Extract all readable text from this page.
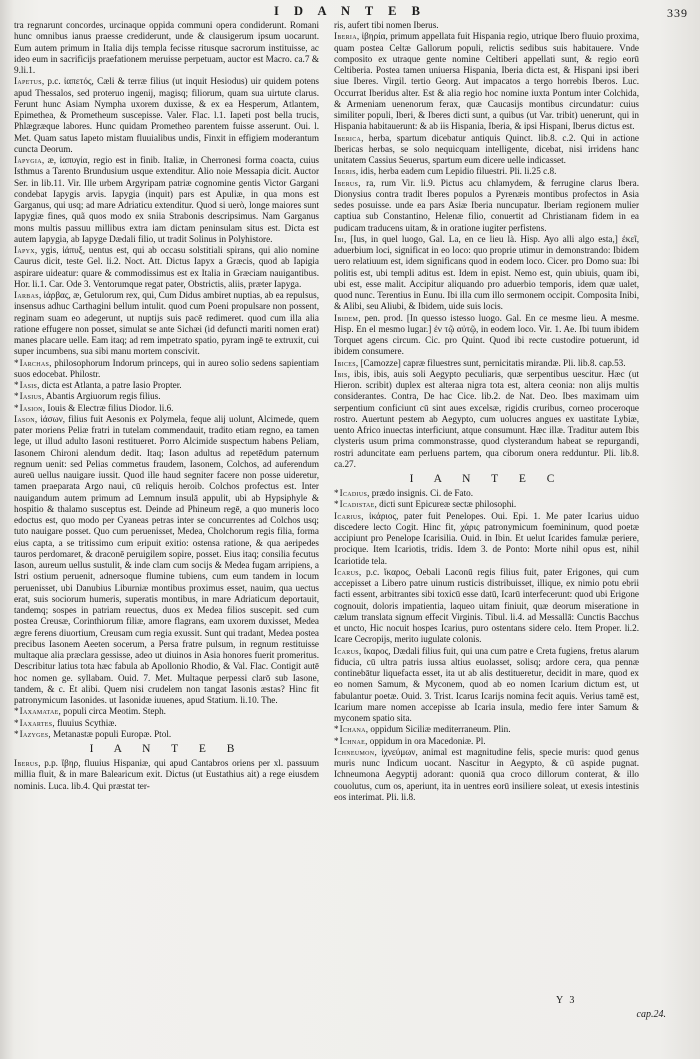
I D A N T E B	339

tra regnarunt concordes, urcinaque oppida communi opera condiderunt. Romani hunc omnibus ianus praesse crediderunt, unde & clausigerum ipsum uocarunt. Eum autem primum in Italia dijs templa fecisse ritusque sacrorum instituisse, ac ideo eum in sacrificijs praefationem meruisse perpetuam, auctor est Macro. ca.7 & 9.li.1.

Iapetus, p.c. ἰαπετός, Cæli & terræ filius (ut inquit Hesiodus) uir quidem potens apud Thessalos, sed proteruo ingenij, magisq; filiorum, quam sua uirtute clarus. Ferunt hunc Asiam Nympha uxorem duxisse, & ex ea Hesperum, Atlantem, Epimethea, & Prometheum suscepisse. Valer. Flac. l.1. Iapeti post bella trucis, Phlægræque labores. Hunc quidam Prometheo parentem fuisse asserunt. Oui. l. Met. Quam satus Iapeto mistam fluuialibus undis, Finxit in effigiem moderantum cuncta Deorum.

Iapygia, æ, ἰαπυγία, regio est in finib. Italiæ, in Cherronesi forma coacta, cuius Isthmus a Tarento Brundusium usque extenditur. Alio noie Messapia dicit. Auctor Ser. in lib.11. Vir. Ille urbem Argyripam patriæ cognomine gentis Victor Gargani condebat Iapygis arvis. Iapygia (inquit) pars est Apuliæ, in qua mons est Garganus, qui usq; ad mare Adriaticu extenditur. Quod si uerò, longe maiores sunt Iapygiæ fines, quã quos modo ex sniia Strabonis descripsimus. Nam Garganus mons multis passuu millibus extra iam dictam peninsulam situs est. Dicta est autem Iapygia, ab Iapyge Dædali filio, ut tradit Solinus in Polyhistore.

Iapyx, ygis, ἰάπυξ, uentus est, qui ab occasu solstitiali spirans, qui alio nomine Caurus dicit, teste Gel. li.2. Noct. Att. Dictus Iapyx a Græcis, quod ab Iapigia aspirare uideatur: quare & commodissimus est ex Italia in Græciam nauigantibus. Hor. li.1. Car. Ode 3. Ventorumque regat pater, Obstrictis, aliis, præter Iapyga.

Iarbas, ἰάρβας, æ, Getulorum rex, qui, Cum Didus ambiret nuptias, ab ea repulsus, insensus adhuc Carthagini bellum intulit. quod cum Poeni propulsare non possent, reginam suam eo adegerunt, ut nuptijs suis pacē redimeret. quod cum illa alia ratione effugere non posset, simulat se ante Sichæi (id defuncti mariti nomen erat) manes placare uelle. Eam itaq; ad rem impetrato spatio, pyram ingē te extruxit, cui super incumbens, sua sibi manu mortem conscivit.

*Iarchas, philosophorum Indorum princeps, qui in aureo solio sedens sapientiam suos edocebat. Philostr.

*Iasis, dicta est Atlanta, a patre Iasio Propter.

*Iasius, Abantis Argiuorum regis filius.

*Iasion, Iouis & Electræ filius Diodor. li.6.

Iason, ἰάσων, filius fuit Aesonis ex Polymela, feque alij uolunt, Alcimede, quem pater moriens Peliæ fratri in tutelam commendauit, tradito etiam regno, ea tamen lege, ut illud adulto Iasoni restitueret. Porro Alcimide suspectum habens Peliam, Iasonem Chironi alendum dedit. Itaq; Iason adultus ad repetēdum paternum regnum uenit: sed Pelias commetus fraudem, Iasonem, Colchos, ad auferendum aureū uellus nauigare iussit. Quod ille haud segniter facere non posse uideretur, tamen praeparata Argo naui, cū reliquis heroib. Colchos profectus est. Inter nauigandum autem primum ad Lemnum insulā appulit, ubi ab Hypsiphyle & hospitio & thalamo susceptus est. Deinde ad Phineum regē, a quo muneris loco edoctus est, quo modo per Cyaneas petras inter se concurrentes ad Colchos usq; tuto nauigare posset. Quo cum peruenisset, Medea, Cholchorum regis filia, forma eius capta, a se tritissimo cum eripuit exitio: ostensa ratione, & qua aeripedes tauros perdomaret, & draconē peruigilem sopire, posset. Eius itaq; consilia fecutus Iason, aureum uellus sustulit, & inde clam cum socijs & Medea fugam arripiens, a Istri ostium peruenit, adnersoque flumine tubiens, cum eum tandem in locum peruenisset, ubi Danubius Liburniæ montibus proximus esset, nauim, qua uectus erat, suis sociorum humeris, superatis montibus, in mare Adriaticum deportauit, tandemq; sospes in patriam reuectus, duos ex Medea filios suscepit. sed cum postea Creusæ, Corinthiorum filiæ, amore flagrans, eam uxorem duxisset, Medea ægre ferens diuortium, Creusam cum regia exussit. Sunt qui tradant, Medea postea precibus Iasonem Aeeten socerum, a Persa fratre pulsum, in regnum restituisse multaque alia præclara gessisse, adeo ut diuinos in Asia honores fuerit promeritus. Describitur latius tota hæc fabula ab Apollonio Rhodio, & Val. Flac. Contigit autē hoc nomen ge. syllabam. Ouid. 7. Met. Multaque perpessi clarō sub Iasone, tandem, & c. Et alibi. Quem nisi crudelem non tangat Iasonis æstas? Hinc fit patronymicum Iasonides. ut Iasonidæ iuuenes, apud Statium. li.10. The.

*Iaxamatae, populi circa Meotim. Steph.

*Iaxartes, fluuius Scythiæ.

*Iazyges, Metanastæ populi Europæ. Ptol.

I A N T E B

Iberus, p.p. ἴβηρ, fluuius Hispaniæ, qui apud Cantabros oriens per xl. passuum millia fluit, & in mare Balearicum exit. Dictus (ut Eustathius ait) a rege eiusdem nominis. Luca. lib.4. Qui præstat ter-

ris, aufert tibi nomen Iberus.

Iberia, ἰβηρία, primum appellata fuit Hispania regio, utrique Ibero fluuio proxima, quam postea Celtæ Gallorum populi, relictis sedibus suis habitauere. Vnde composito ex utraque gente nomine Celtiberi appellati sunt, & regio eorū Celtiberia. Postea tamen uniuersa Hispania, Iberia dicta est, & Hispani ipsi iberi siue Iberes. Virgil. tertio Georg. Aut impacatos a tergo horrebis Iberos. Luc. Occurrat Iberidus alter. Est & alia regio hoc nomine iuxta Pontum inter Colchida, & Armeniam uenenorum ferax, quæ Caucasijs montibus circundatur: cuius similiter populi, Iberi, & Iberes dicti sunt, a quibus (ut Var. tribit) uenerunt, qui in Hispania habitauerunt: & ab iis Hispania, Iberia, & ipsi Hispani, Iberus dictus est.

Iberica, herba, spartum dicebatur antiquis Quinct. lib.8. c.2. Qui in actione Ibericas herbas, se solo nequicquam intelligente, dicebat, nisi irridens hanc unitatem Cassius Seuerus, spartum eum dicere uelle indicasset.

Iberis, idis, herba eadem cum Lepidio filuestri. Pli. li.25 c.8.

Iberus, ra, rum Vir. li.9. Pictus acu chlamydem, & ferrugine clarus Ibera. Dionysius contra tradit Iberes populos a Pyrenæis montibus profectos in Asia sedes posuisse. unde ea pars Asiæ Iberia nuncupatur. Iberiam regionem mulier captiua sub Constantino, Helenæ filio, conuertit ad Christianam fidem in ea pudicam traducens uitam, & in oratione iugiter perfistens.

Ibi, [Ius, in quel luogo, Gal. La, en ce lieu là. Hisp. Ayo alli algo esta,] ἐκεῖ, aduerbium loci, significat in eo loco: quo proprie utimur in demonstrando: Ibidem uero relatiuum est, idem significans quod in eodem loco. Cicer. pro Domo sua: Ibi politis est, ubi templi aditus est. Idem in epist. Nemo est, quin ubiuis, quam ibi, ubi est, esse malit. Accipitur aliquando pro aduerbio temporis, idem quæ ualet, quod nunc. Terentius in Eunu. Ibi illa cum illo sermonem occipit. Composita Inibi, & Alibi, seu Aliubi, & Ibidem, uide suis locis.

Ibidem, pen. prod. [In quesso istesso luogo. Gal. En ce mesme lieu. A mesme. Hisp. En el mesmo lugar.] ἐν τῷ αὐτῷ, in eodem loco. Vir. 1. Ae. Ibi tuum ibidem Torquet agens circum. Cic. pro Quint. Quod ibi recte custodire potuerunt, id ibidem consumere.

Ibices, [Camozze] capræ filuestres sunt, pernicitatis mirandæ. Pli. lib.8. cap.53.

Ibis, ibis, ibis, auis soli Aegypto peculiaris, quæ serpentibus uescitur. Hæc (ut Hieron. scribit) duplex est alteraa nigra tota est, altera ceonia: non alijs multis considerantes. Contra, De hac Cice. lib.2. de Nat. Deo. Ibes maximam uim serpentium conficiunt cū sint aues excelsæ, rigidis cruribus, corneo proceroque rostro. Auertunt pestem ab Aegypto, cum uolucres angues ex uastitate Lybiæ, uento Africo inuectas interficiunt, atque consumunt. Hæc illæ. Traditur autem Ibis clysteris usum prima commonstrasse, quod clysterandum habeat se repurgandi, rostri aduncitate eam perluens partem, qua ciborum onera redduntur. Pli. lib.8. ca.27.

I A N T E C

*Icadius, prædo insignis. Ci. de Fato.

*Icadistae, dicti sunt Epicureæ sectæ philosophi.

Icarius, ἰκάριος, pater fuit Penelopes. Oui. Epi. 1. Me pater Icarius uiduo discedere lecto Cogit. Hinc fit, χάρις patronymicum foemininum, quod poetæ accipiunt pro Penelope Icarisilia. Ouid. in Ibin. Et uelut Icarides famulæ periere, procique. Item Icariotis, tridis. Idem 3. de Ponto: Morte nihil opus est, nihil Icariotide tela.

Icarus, p.c. ἴκαρος, Oebali Laconū regis filius fuit, pater Erigones, qui cum accepisset a Libero patre uinum rusticis distribuisset, illique, ex nimio potu ebrii facti essent, arbitrantes sibi toxicū esse datū, Icarū interfecerunt: quod ubi Erigone cognouit, doloris impatientia, laqueo uitam finiuit, quæ deorum miseratione in cælum translata signum effecit Virginis. Tibul. li.4. ad Messallā: Cunctis Bacchus et uncto, Hic nocuit hospes Icarius, puro ostentans sidere celo. Item Proper. li.2. Icare Cecropijs, merito iugulate colonis.

Icarus, ἴκαρος, Dædali filius fuit, qui una cum patre e Creta fugiens, fretus alarum fiducia, cū ultra patris iussa altius euolasset, solisq; ardore cera, qua pennæ continebātur liquefacta esset, ita ut ab alis destitueretur, decidit in mare, quod ex eo nomen Samum, & Myconem, quod ab eo nomen Icarium dictum est, ut fabulantur poetæ. Ouid. 3. Trist. Icarus Icarijs nomina fecit aquis. Verius tamē est, Icarium mare nomen accepisse ab Icaria insula, medio fere inter Samum & myconem spatio sita.

*Ichana, oppidum Siciliæ mediterraneum. Plin.

*Ichnae, oppidum in ora Macedoniæ. Pl.

Ichneumon, ἰχνεύμων, animal est magnitudine felis, specie muris: quod genus muris nunc Indicum uocant. Nascitur in Aegypto, & cū aspide pugnat. Ichneumona Aegyptij adorant: quoniā qua croco dillorum conterat, & illo couolutus, cum os, aperiunt, ita in uentres eorū insiliere soleat, ut exesis intestinis eos interimat. Pli. li.8.

Y 3
cap.24.
